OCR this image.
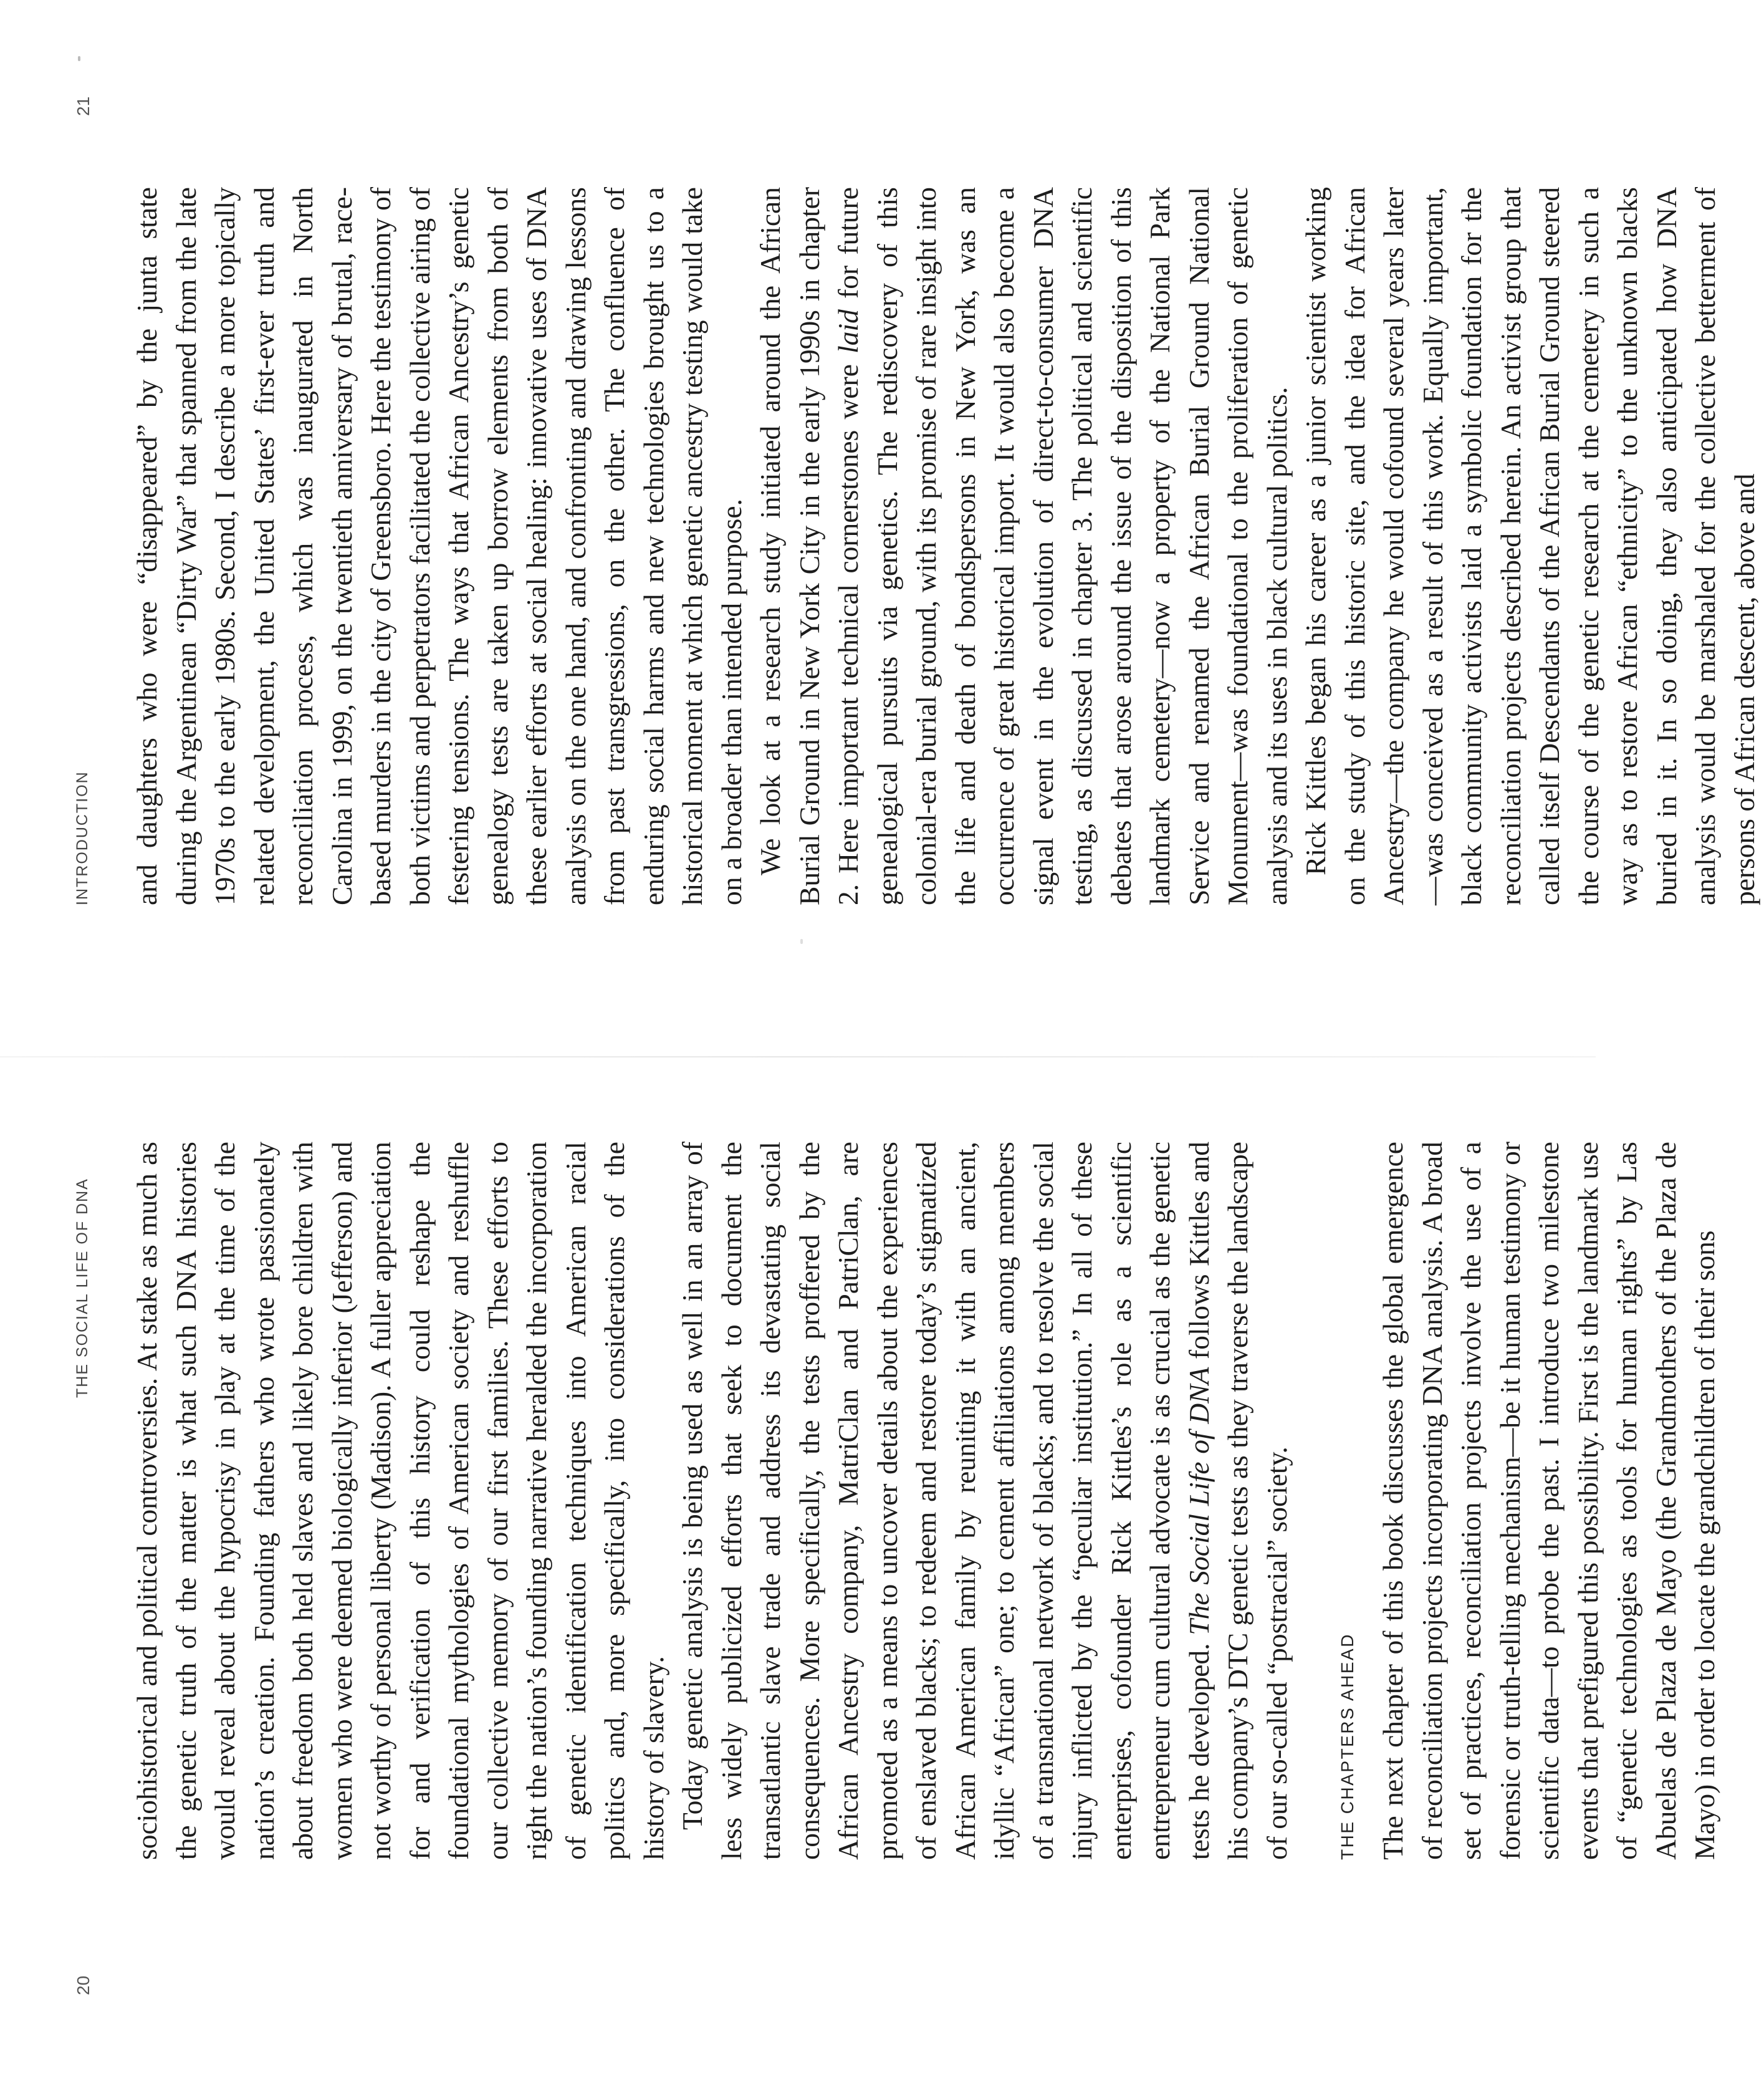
20
THE SOCIAL LIFE OF DNA sociohistorical and political controversies. At stake as much as the genetic truth of the matter is what such DNA histories would reveal about the hypocrisy in play at the time of the nation’s creation. Founding fathers who wrote passionately about freedom both held slaves and likely bore children with women who were deemed biologically inferior (Jefferson) and not worthy of personal liberty (Madison). A fuller appreciation for and verification of this history could reshape the foundational mythologies of American society and reshuffle our collective memory of our first families. These efforts to right the nation’s founding narrative heralded the incorporation of genetic identification techniques into American racial politics and, more specifically, into considerations of the history of slavery. Today genetic analysis is being used as well in an array of less widely publicized efforts that seek to document the transatlantic slave trade and address its devastating social consequences. More specifically, the tests proffered by the African Ancestry company, MatriClan and PatriClan, are promoted as a means to uncover details about the experiences of enslaved blacks; to redeem and restore today’s stigmatized African American family by reuniting it with an ancient, idyllic “African” one; to cement affiliations among members of a transnational network of blacks; and to resolve the social injury inflicted by the “peculiar institution.” In all of these enterprises, cofounder Rick Kittles’s role as a scientific entrepreneur cum cultural advocate is as crucial as the genetic tests he developed. The Social Life of DNA follows Kittles and his company’s DTC genetic tests as they traverse the landscape of our so-called “postracial” society.	THE CHAPTERS AHEAD The next chapter of this book discusses the global emergence of reconciliation projects incorporating DNA analysis. A broad set of practices, reconciliation projects involve the use of a forensic or truth-telling mechanism—be it human testimony or scientific data—to probe the past. I introduce two milestone events that prefigured this possibility. First is the landmark use of “genetic technologies as tools for human rights” by Las Abuelas de Plaza de Mayo (the Grandmothers of the Plaza de Mayo) in order to locate the grandchildren of their sons

INTRODUCTION
21

and daughters who were “disappeared” by the junta state during the Argentinean “Dirty War” that spanned from the late 1970s to the early 1980s. Second, I describe a more topically related development, the United States’ first-ever truth and reconciliation process, which was inaugurated in North Carolina in 1999, on the twentieth anniversary of brutal, race-based murders in the city of Greensboro. Here the testimony of both victims and perpetrators facilitated the collective airing of festering tensions. The ways that African Ancestry’s genetic genealogy tests are taken up borrow elements from both of these earlier efforts at social healing: innovative uses of DNA analysis on the one hand, and confronting and drawing lessons from past transgressions, on the other. The confluence of enduring social harms and new technologies brought us to a historical moment at which genetic ancestry testing would take on a broader than intended purpose. We look at a research study initiated around the African Burial Ground in New York City in the early 1990s in chapter 2. Here important technical cornerstones were laid for future genealogical pursuits via genetics. The rediscovery of this colonial-era burial ground, with its promise of rare insight into the life and death of bondspersons in New York, was an occurrence of great historical import. It would also become a signal event in the evolution of direct-to-consumer DNA testing, as discussed in chapter 3. The political and scientific debates that arose around the issue of the disposition of this landmark cemetery—now a property of the National Park Service and renamed the African Burial Ground National Monument—was foundational to the proliferation of genetic analysis and its uses in black cultural politics. Rick Kittles began his career as a junior scientist working on the study of this historic site, and the idea for African Ancestry—the company he would cofound several years later—was conceived as a result of this work. Equally important, black community activists laid a symbolic foundation for the reconciliation projects described herein. An activist group that called itself Descendants of the African Burial Ground steered the course of the genetic research at the cemetery in such a way as to restore African “ethnicity” to the unknown blacks buried in it. In so doing, they also anticipated how DNA analysis would be marshaled for the collective betterment of persons of African descent, above and
